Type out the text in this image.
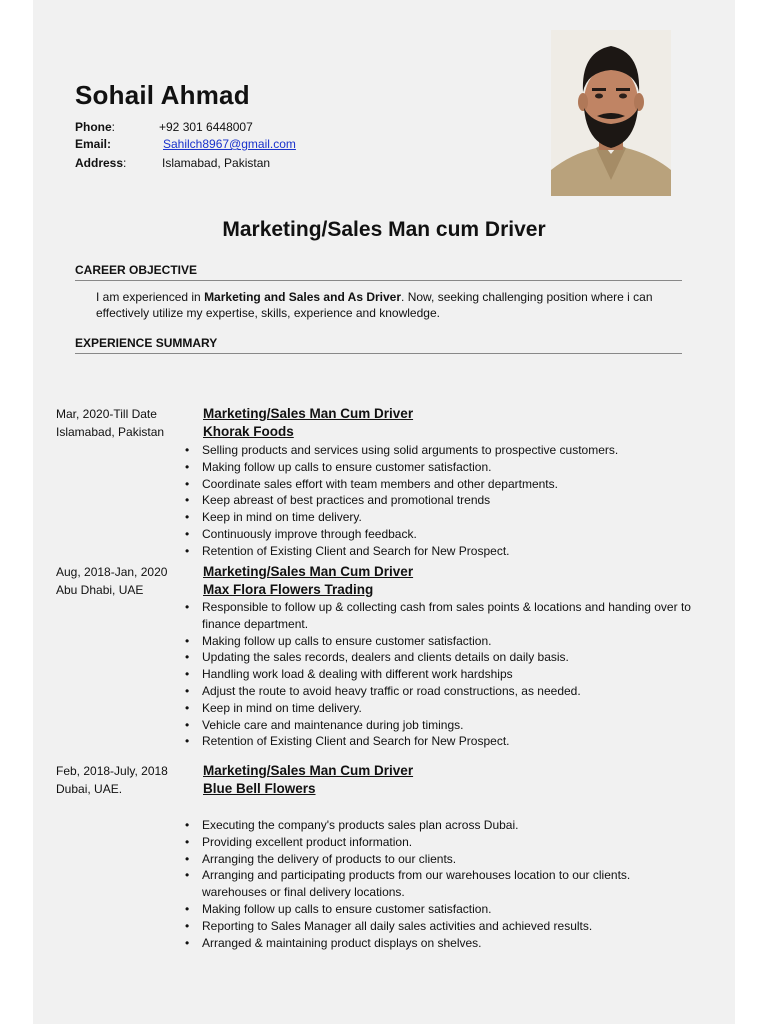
Sohail Ahmad
Phone:	+92 301 6448007
Email:	Sahilch8967@gmail.com
Address:	Islamabad, Pakistan
Marketing/Sales Man cum Driver
CAREER OBJECTIVE
I am experienced in Marketing and Sales and As Driver. Now, seeking challenging position where i can effectively utilize my expertise, skills, experience and knowledge.
EXPERIENCE SUMMARY
Mar, 2020-Till Date
Islamabad, Pakistan
Marketing/Sales Man Cum Driver
Khorak Foods
• Selling products and services using solid arguments to prospective customers.
• Making follow up calls to ensure customer satisfaction.
• Coordinate sales effort with team members and other departments.
• Keep abreast of best practices and promotional trends
• Keep in mind on time delivery.
• Continuously improve through feedback.
• Retention of Existing Client and Search for New Prospect.
Aug, 2018-Jan, 2020
Abu Dhabi, UAE
Marketing/Sales Man Cum Driver
Max Flora Flowers Trading
• Responsible to follow up & collecting cash from sales points & locations and handing over to finance department.
• Making follow up calls to ensure customer satisfaction.
• Updating the sales records, dealers and clients details on daily basis.
• Handling work load & dealing with different work hardships
• Adjust the route to avoid heavy traffic or road constructions, as needed.
• Keep in mind on time delivery.
• Vehicle care and maintenance during job timings.
• Retention of Existing Client and Search for New Prospect.
Feb, 2018-July, 2018
Dubai, UAE.
Marketing/Sales Man Cum Driver
Blue Bell Flowers
• Executing the company's products sales plan across Dubai.
• Providing excellent product information.
• Arranging the delivery of products to our clients.
• Arranging and participating products from our warehouses location to our clients. warehouses or final delivery locations.
• Making follow up calls to ensure customer satisfaction.
• Reporting to Sales Manager all daily sales activities and achieved results.
• Arranged & maintaining product displays on shelves.
